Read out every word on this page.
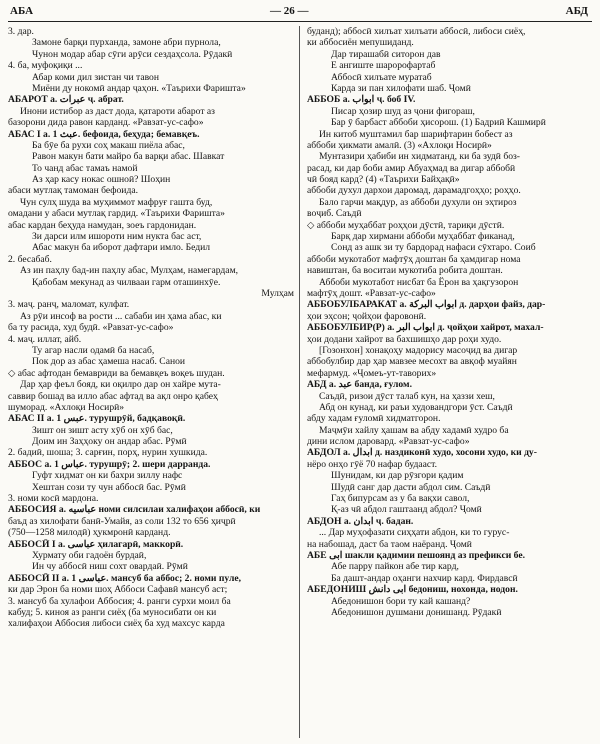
АБА	— 26 —	АБД
3. дар.
Замоне барқи пурханда, замоне абри пурнола,
Чунон модар абар сӯги арӯси сездаҳсола. Рӯдакӣ
4. ба, муфоқиқи ...
Абар коми дил зистан чи тавон
Миёни ду нокомӣ андар ҷаҳон. «Таърихи Фаришта»
АБАРОТ а. عبرات ҷ. абрат.
Инони истибор аз даст дода, қатарoти абарот аз
базорони дида равон карданд. «Равзат-ус-сафо»
АБАС I а. عبث 1. бефоида, беҳуда; бемавқеъ.
Ба бӯе ба рухи соҳ макаш пиёла абас,
Равон макун бати майро ба варқи абас. Шавкат
То чанд абас тамаъ намой
Аз ҳар касу нокас ошноӣ? Шоҳин
абаси мутлақ тамоман бефоида.
Чун сулҳ шуда ва муҳиммот мафруғ гашта буд,
омадани у абаси мутлақ гардид. «Таърихи Фаришта»
абас кардан беҳуда намудан, зоеъ гардонидан.
Зи дарси илм ишороти ним нукта бас аст,
Абас макун ба иборот дафтари имло. Бедил
2. бесабаб.
Аз ин паҳлу бад-ин паҳлу абас, Мулҳам, намегардам,
Қабобам мекунад аз чилвааи гарм оташинхӯе.
Мулҳам
3. маҷ. ранҷ, маломат, кулфат.
Аз рӯи инсоф ва рости ... сабаби ин ҳама абас, ки
ба ту расида, худ будӣ. «Равзат-ус-сафо»
4. маҷ. иллат, айб.
Ту агар насли одамӣ ба насаб,
Пок дор аз абас ҳамеша насаб. Санои
◇ абас афтодан бемавриди ва бемавқеъ воқеъ шудан.
Дар ҳар феъл бояд, ки оқилро дар он хайре мута-
саввир бошад ва илло абас афтад ва ақл онро қабеҳ
шуморад. «Ахлоқи Носирӣ»
АБАС II а. عبس 1. турушрӯй, бадқавоқӣ.
Зишт он зишт асту хӯб он хӯб бас,
Доим ин Заҳҳоку он андар абас. Рӯмӣ
2. бадиӣ, шоша; 3. сарғин, порҳ, нурин хушкида.
АББОС а. عباس 1. турушрӯ; 2. шери дарранда.
Гуфт хидмат он ки бахри зиллу нафс
Хештан сози ту чун аббосӣ бас. Рӯмӣ
3. номи косӣ мардона.
АББОСИЯ а. عباسیه номи силсилаи халифаҳои аббосӣ, ки
баъд аз хилофати банӣ-Умайя, аз соли 132 то 656 ҳиҷрӣ
(750—1258 милодӣ) ҳукмронӣ карданд.
АББОСӢ I а. عباسی ҳилагарӣ, маккорӣ.
Хурмату оби гадоён бурдаӣ,
Ин чу аббосӣ ниш сохт овардаӣ. Рӯмӣ
АББОСӢ II а. عباسی 1. мансуб ба аббос; 2. номи пуле,
ки дар Эрон ба номи шоҳ Аббоси Сафавӣ мансуб аст;
3. мансуб ба хулафои Аббосия; 4. ранги сурхи моил ба
кабуд; 5. киноя аз ранги сиёҳ (ба муносибати он ки
халифаҳои Аббосия либоси сиёҳ ба худ махсус карда
буданд); аббосӣ хилъат хилъати аббосӣ, либоси сиёҳ,
ки аббосиён мепушиданд.
Дар тирашабӣ ситорон дав
Е ангиште шаророфартаб
Аббосӣ хилъате муратаб
Карда зи пан хилофати шаб. Ҷомӣ
АББОБ а. ابواب ҷ. боб IV.
Писар ҳозир шуд аз ҷони фигораш,
Бар ӯ барбаст аббоби ҳисорош. (1) Бадриӣ Кашмирӣ
Ин китоб муштамил бар шарифтарин бобест аз
аббоби ҳикмати амалӣ. (3) «Ахлоқи Носирӣ»
Мунтазири ҳабиби ин хидматанд, ки ба зудӣ боз-
расад, ки дар боби амир Абуаҳмад ва дигар аббобӣ
чӣ бояд кард? (4) «Таърихи Байҳақӣ»
аббоби духул дархои даромад, дарамадгоҳҳо; роҳҳо.
Бало гарчи мақдур, аз аббоби духули он эҳтироз
воҷиб. Саъдӣ
◇ аббоби муҳаббат роҳҳои дӯстӣ, тариқи дӯстӣ.
Барқ дар хирмани аббоби муҳаббат фиканад,
Сонд аз ашк зи ту бардорад нафаси сӯхтаро. Соиб
аббоби мукотабот мафтӯҳ доштан ба ҳамдигар нома
навиштан, ба воситаи мукотиба робита доштан.
Аббоби мукотабот нисбат ба Ёрон ва ҳақгузорон
мафтӯҳ дошт. «Равзат-ус-сафо»
АББОБУЛБАРАКАТ а. ابواب البركة д. дарҳои файз, дар-
ҳои эҳсон; ҷойҳои фаровонӣ.
АББОБУЛБИР(Р) а. ابواب البر д. ҷойҳои хайрот, махал-
ҳои додани хайрот ва бахшишҳо дар роҳи худо.
[Гозонхон] хонақоҳу мадорису масоҷид ва дигар
аббобулбир дар ҳар мавзее месохт ва авқоф муайян
мефармуд. «Ҷомеъ-ут-таворих»
АБД а. عبد банда, ғулом.
Саъдӣ, ризои дӯст талаб кун, на ҳаззи хеш,
Абд он кунад, ки раъи худовандгори ӯст. Саъдӣ
абду хадам ғуломӣ хидматгорон.
Маҷмӯи хайлу ҳашам ва абду хадамӣ худро ба
дини ислом даровард. «Равзат-ус-сафо»
АБДОЛ а. ابدال д. наздиконӣ худо, хосони худо, ки ду-
нёро онҳо гӯё 70 нафар будааст.
Шунидам, ки дар рӯзгори қадим
Шудӣ санг дар дасти абдол сим. Саъдӣ
Гаҳ бипурсам аз у ба вақхи савол,
Қ-аз чӣ абдол гаштаанд абдол? Ҷомӣ
АБДОН а. ابدان ҷ. бадан.
... Дар муҳофазати сиҳҳати абдон, ки то гурус-
на набошад, даст ба таом наёранд. Ҷомӣ
АБЕ ابی шакли қадимии пешоянд аз префикси бе.
Абе парру пайкон абе тир кард,
Ба дашт-андар оҳанги нахчир кард. Фирдавсӣ
АБЕДОНИШ ابی دانش бедониш, нохонда, нодон.
Абедонишон бори ту кай кашанд?
Абедонишон душмани донишанд. Рӯдакӣ
